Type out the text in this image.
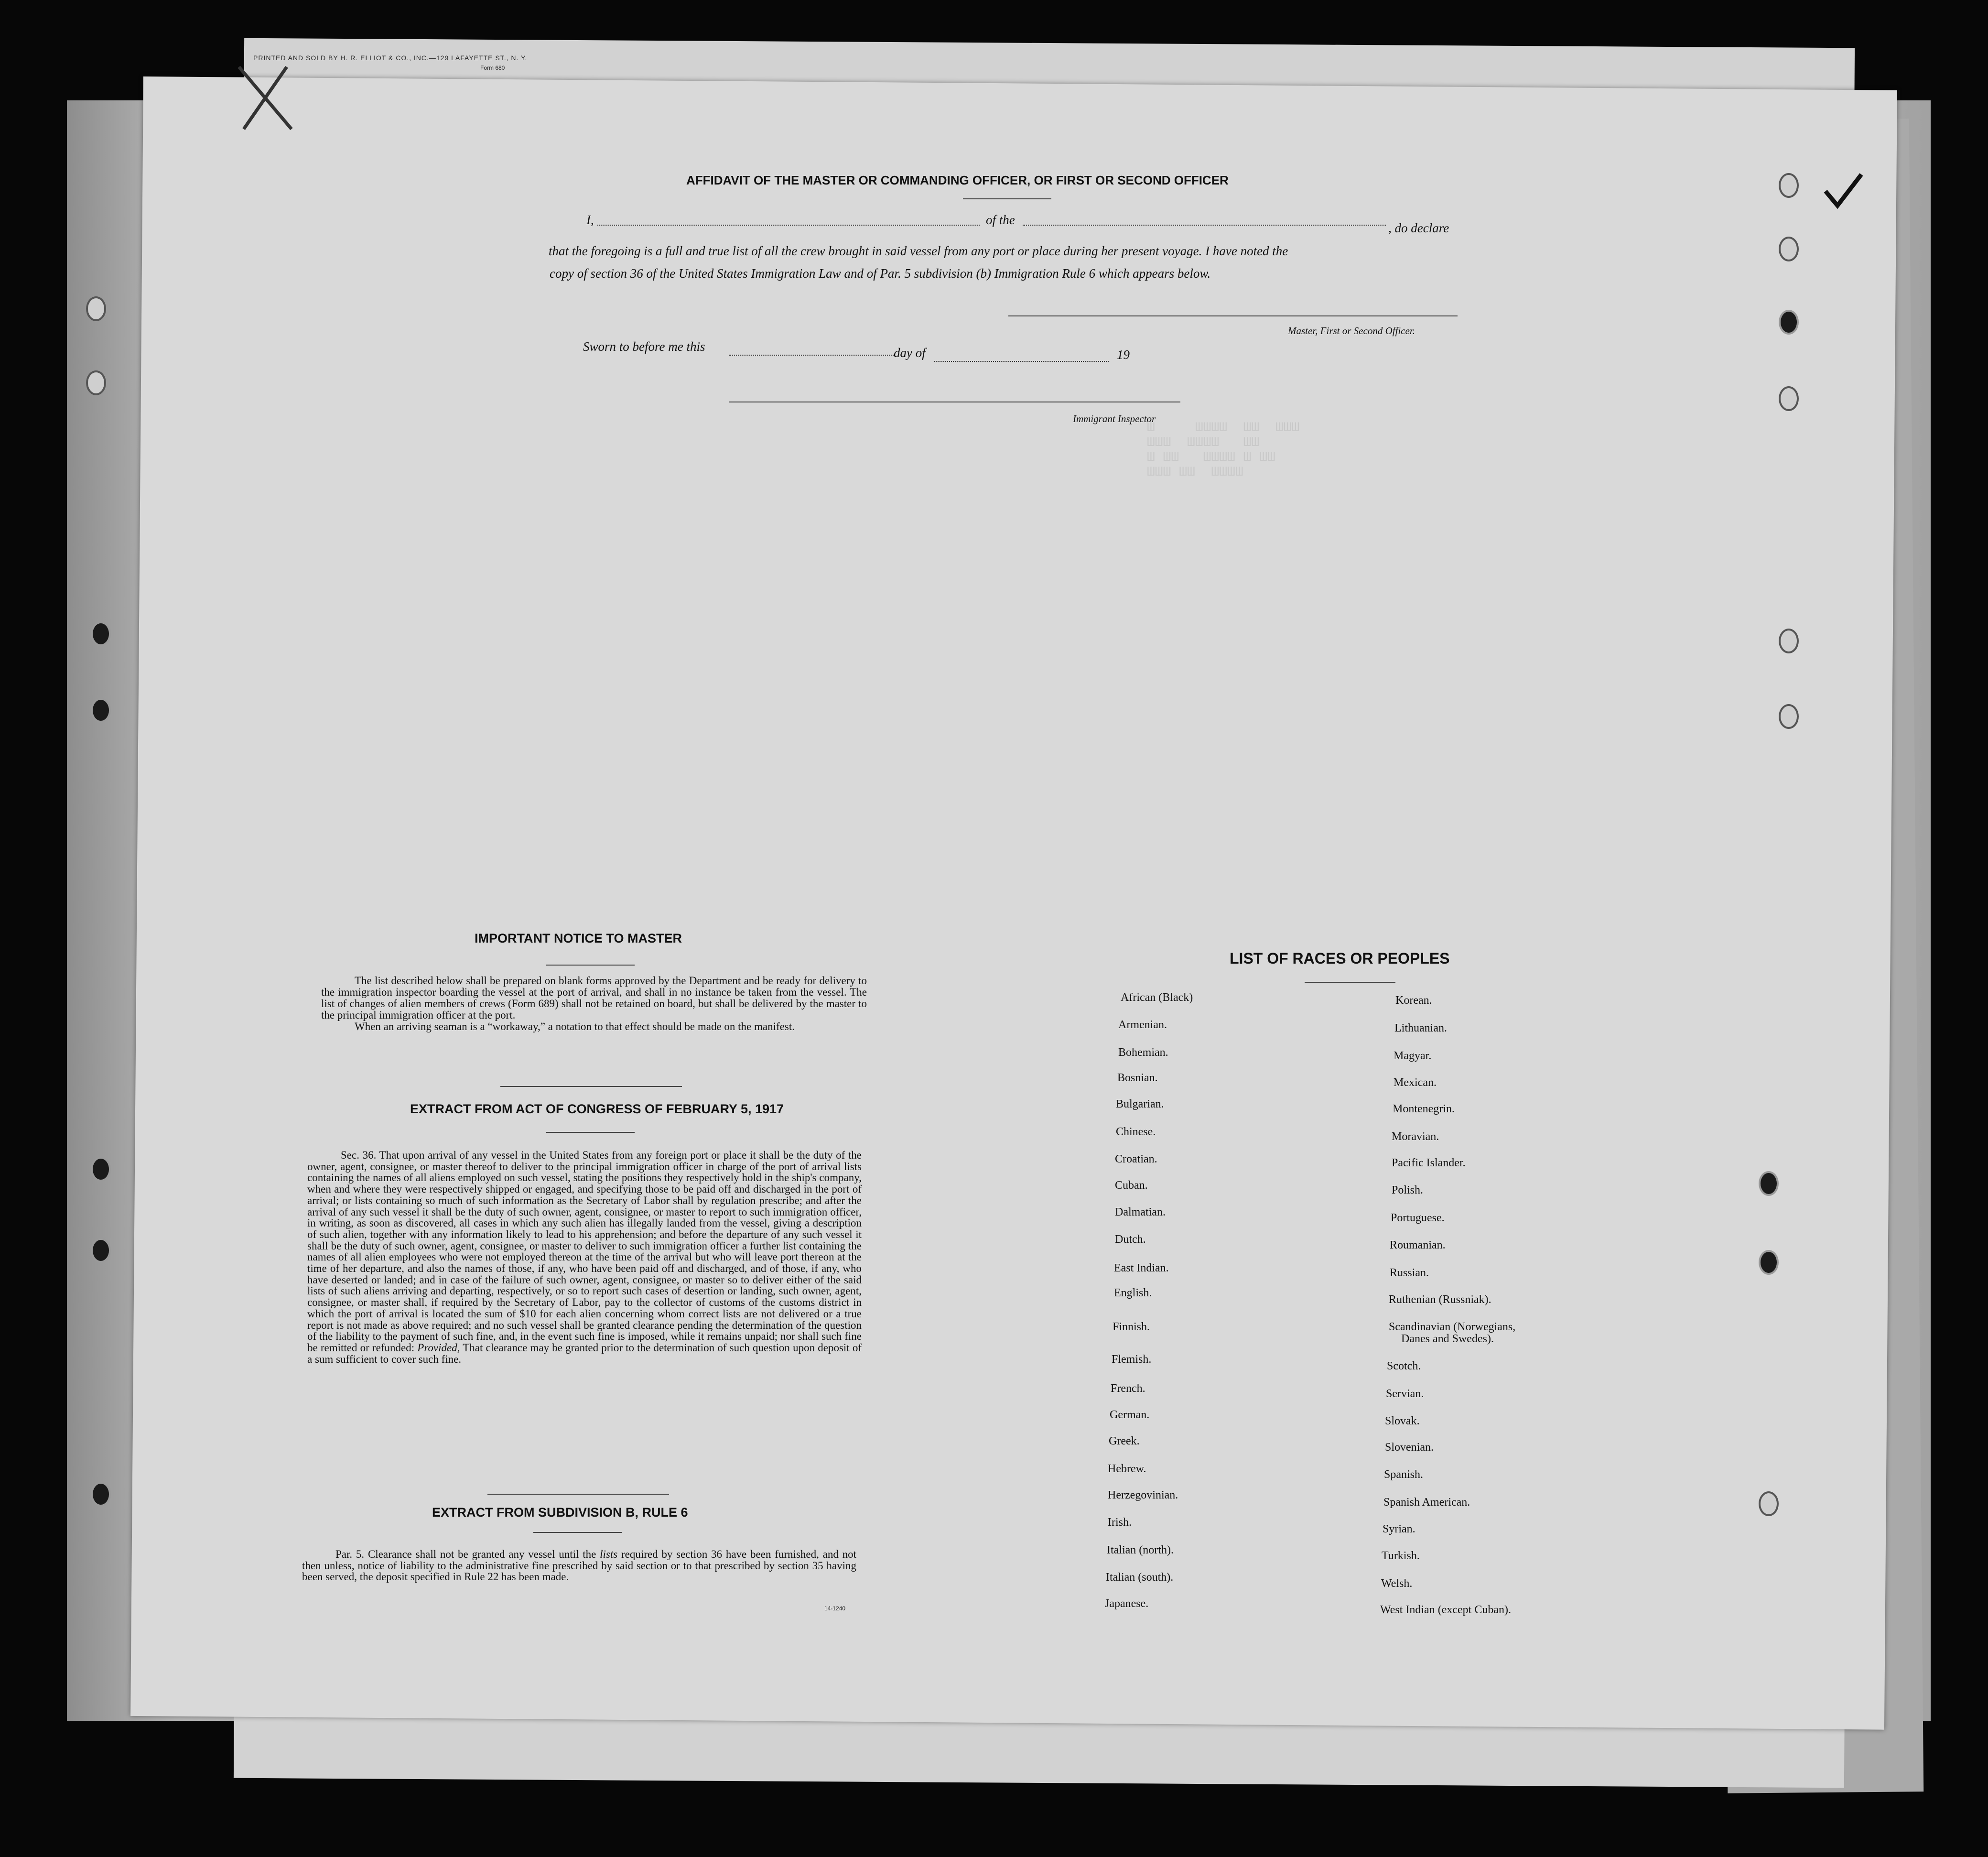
PRINTED AND SOLD BY H. R. ELLIOT & CO., INC.—129 LAFAYETTE ST., N. Y.
Form 680
Ш     ШШШШ  ШШ  ШШШ
ШШШ  ШШШШ   ШШ
Ш ШШ   ШШШШ Ш ШШ
ШШШ ШШ  ШШШШ
AFFIDAVIT OF THE MASTER OR COMMANDING OFFICER, OR FIRST OR SECOND OFFICER
I,	of the
, do declare
that the foregoing is a full and true list of all the crew brought in said vessel from any port or place during her present voyage. I have noted the
copy of section 36 of the United States Immigration Law and of Par. 5 subdivision (b) Immigration Rule 6 which appears below.
Master, First or Second Officer.
Sworn to before me this	day of	19
Immigrant Inspector
IMPORTANT NOTICE TO MASTER

The list described below shall be prepared on blank forms approved by the Department and be ready for delivery to the immigration inspector boarding the vessel at the port of arrival, and shall in no instance be taken from the vessel. The list of changes of alien members of crews (Form 689) shall not be retained on board, but shall be delivered by the master to the principal immigration officer at the port.

When an arriving seaman is a “workaway,” a notation to that effect should be made on the manifest.

EXTRACT FROM ACT OF CONGRESS OF FEBRUARY 5, 1917

Sec. 36. That upon arrival of any vessel in the United States from any foreign port or place it shall be the duty of the owner, agent, consignee, or master thereof to deliver to the principal immigration officer in charge of the port of arrival lists containing the names of all aliens employed on such vessel, stating the positions they respectively hold in the ship's company, when and where they were respectively shipped or engaged, and specifying those to be paid off and discharged in the port of arrival; or lists containing so much of such information as the Secretary of Labor shall by regulation prescribe; and after the arrival of any such vessel it shall be the duty of such owner, agent, consignee, or master to report to such immigration officer, in writing, as soon as discovered, all cases in which any such alien has illegally landed from the vessel, giving a description of such alien, together with any information likely to lead to his apprehension; and before the departure of any such vessel it shall be the duty of such owner, agent, consignee, or master to deliver to such immigration officer a further list containing the names of all alien employees who were not employed thereon at the time of the arrival but who will leave port thereon at the time of her departure, and also the names of those, if any, who have been paid off and discharged, and of those, if any, who have deserted or landed; and in case of the failure of such owner, agent, consignee, or master so to deliver either of the said lists of such aliens arriving and departing, respectively, or so to report such cases of desertion or landing, such owner, agent, consignee, or master shall, if required by the Secretary of Labor, pay to the collector of customs of the customs district in which the port of arrival is located the sum of $10 for each alien concerning whom correct lists are not delivered or a true report is not made as above required; and no such vessel shall be granted clearance pending the determination of the question of the liability to the payment of such fine, and, in the event such fine is imposed, while it remains unpaid; nor shall such fine be remitted or refunded: Provided, That clearance may be granted prior to the determination of such question upon deposit of a sum sufficient to cover such fine.

EXTRACT FROM SUBDIVISION B, RULE 6

Par. 5. Clearance shall not be granted any vessel until the lists required by section 36 have been furnished, and not then unless, notice of liability to the administrative fine prescribed by said section or to that prescribed by section 35 having been served, the deposit specified in Rule 22 has been made.

14-1240
LIST OF RACES OR PEOPLES
African (Black)
Armenian.
Bohemian.
Bosnian.
Bulgarian.
Chinese.
Croatian.
Cuban.
Dalmatian.
Dutch.
East Indian.
English.
Finnish.
Flemish.
French.
German.
Greek.
Hebrew.
Herzegovinian.
Irish.
Italian (north).
Italian (south).
Japanese.
Korean.
Lithuanian.
Magyar.
Mexican.
Montenegrin.
Moravian.
Pacific Islander.
Polish.
Portuguese.
Roumanian.
Russian.
Ruthenian (Russniak).
Scandinavian (Norwegians,
Danes and Swedes).
Scotch.
Servian.
Slovak.
Slovenian.
Spanish.
Spanish American.
Syrian.
Turkish.
Welsh.
West Indian (except Cuban).
